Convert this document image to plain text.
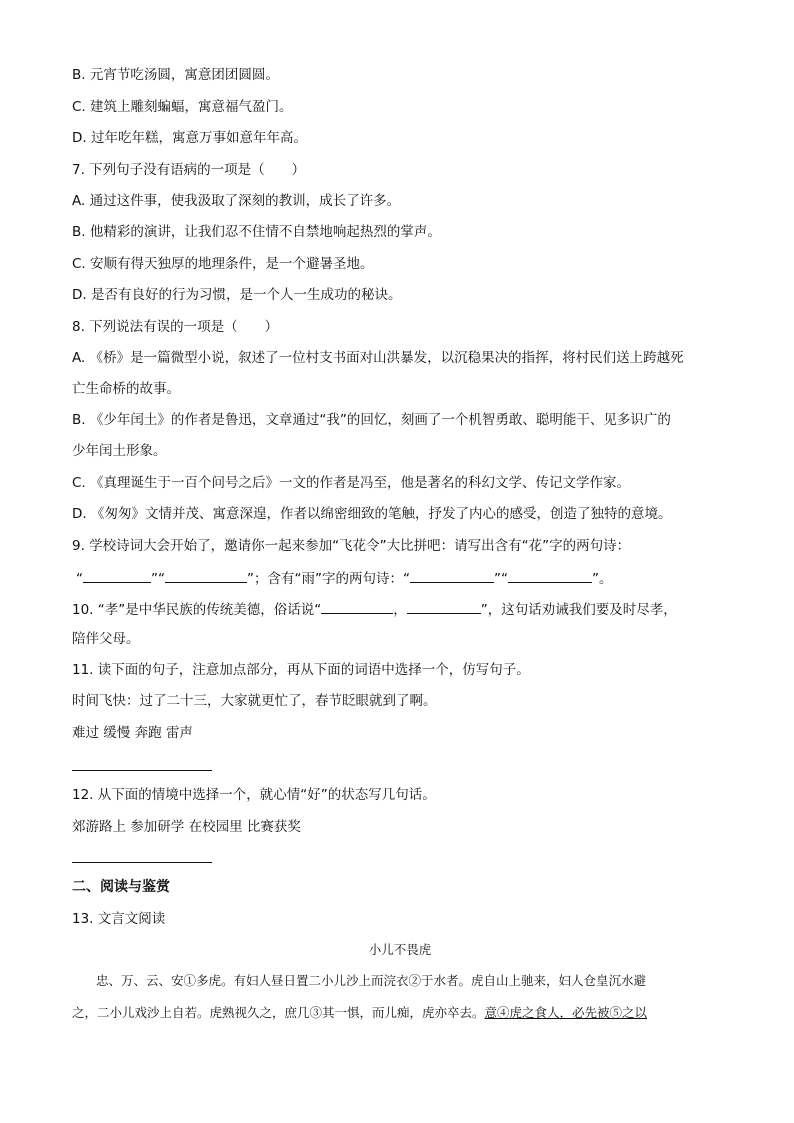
B. 元宵节吃汤圆，寓意团团圆圆。
C. 建筑上雕刻蝙蝠，寓意福气盈门。
D. 过年吃年糕，寓意万事如意年年高。
7. 下列句子没有语病的一项是（　　）
A. 通过这件事，使我汲取了深刻的教训，成长了许多。
B. 他精彩的演讲，让我们忍不住情不自禁地响起热烈的掌声。
C. 安顺有得天独厚的地理条件，是一个避暑圣地。
D. 是否有良好的行为习惯，是一个人一生成功的秘诀。
8. 下列说法有误的一项是（　　）
A. 《桥》是一篇微型小说，叙述了一位村支书面对山洪暴发，以沉稳果决的指挥，将村民们送上跨越死
亡生命桥的故事。
B. 《少年闰土》的作者是鲁迅，文章通过“我”的回忆，刻画了一个机智勇敢、聪明能干、见多识广的
少年闰土形象。
C. 《真理诞生于一百个问号之后》一文的作者是冯至，他是著名的科幻文学、传记文学作家。
D. 《匆匆》文情并茂、寓意深遑，作者以绵密细致的笔触，抒发了内心的感受，创造了独特的意境。
9. 学校诗词大会开始了，邀请你一起来参加“飞花令”大比拼吧：请写出含有“花”字的两句诗：
“	”“	”；含有“雨”字的两句诗：“	”“	”。
10. “孝”是中华民族的传统美德，俗话说“	，	”，这句话劝诫我们要及时尽孝，
陪伴父母。
11. 读下面的句子，注意加点部分，再从下面的词语中选择一个，仿写句子。
时间飞快：过了二十三，大家就更忙了，春节眨眼就到了啊。
难过 缓慢 奔跑 雷声
12. 从下面的情境中选择一个，就心情“好”的状态写几句话。
郊游路上 参加研学 在校园里 比赛获奖
二、阅读与鉴赏
13. 文言文阅读
小儿不畏虎
忠、万、云、安①多虎。有妇人昼日置二小儿沙上而浣衣②于水者。虎自山上驰来，妇人仓皇沉水避
之，二小儿戏沙上自若。虎熟视久之，庶几③其一惧，而儿痴，虎亦卒去。意④虎之食人，必先被⑤之以
